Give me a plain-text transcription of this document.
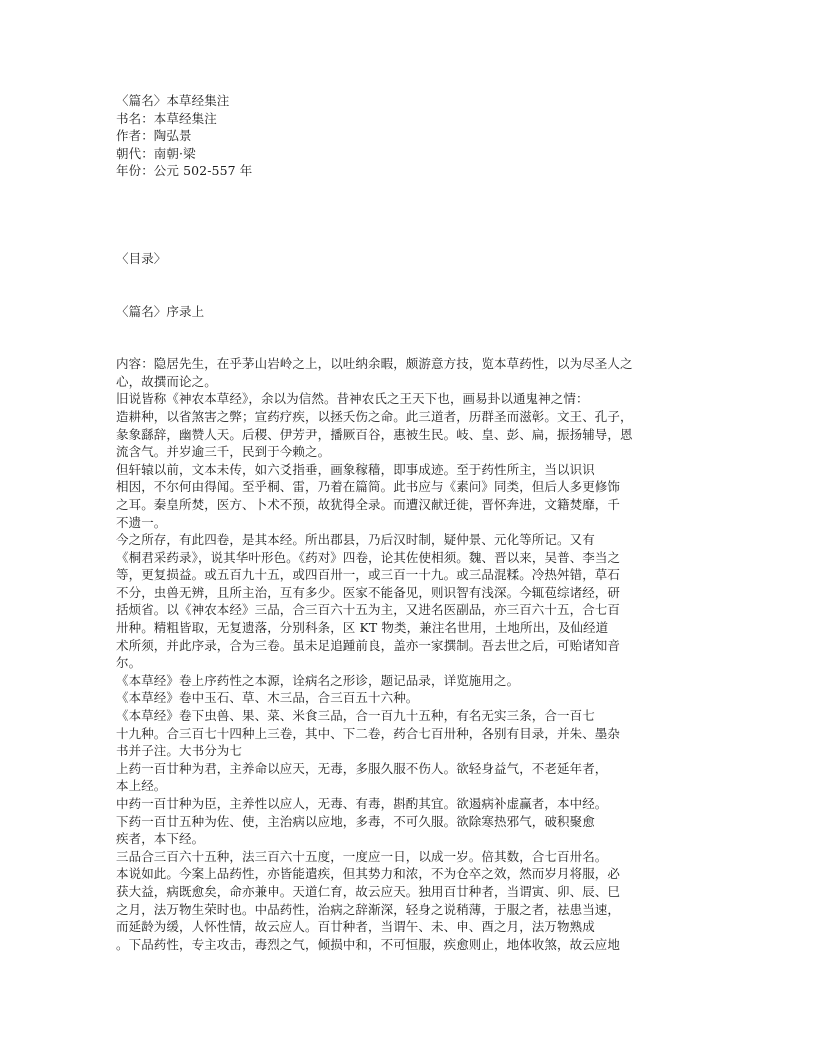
〈篇名〉本草经集注
书名：本草经集注
作者：陶弘景
朝代：南朝·梁
年份：公元 502-557 年
〈目录〉
〈篇名〉序录上
内容：隐居先生，在乎茅山岩岭之上，以吐纳余暇，颇游意方技，览本草药性，以为尽圣人之
心，故撰而论之。
旧说皆称《神农本草经》，余以为信然。昔神农氏之王天下也，画易卦以通鬼神之情：
造耕种，以省煞害之弊；宣药疗疾，以拯夭伤之命。此三道者，历群圣而滋彰。文王、孔子，
彖象繇辞，幽赞人天。后稷、伊芳尹，播厥百谷，惠被生民。岐、皇、彭、扁，振扬辅导，恩
流含气。并岁逾三千，民到于今赖之。
但轩辕以前，文本未传，如六爻指垂，画象稼穑，即事成迹。至于药性所主，当以识识
相因，不尔何由得闻。至乎桐、雷，乃着在篇简。此书应与《素问》同类，但后人多更修饰
之耳。秦皇所焚，医方、卜术不预，故犹得全录。而遭汉献迁徙，晋怀奔进，文籍焚靡，千
不遗一。
今之所存，有此四卷，是其本经。所出郡县，乃后汉时制，疑仲景、元化等所记。又有
《桐君采药录》，说其华叶形色。《药对》四卷，论其佐使相须。魏、晋以来，吴普、李当之
等，更复损益。或五百九十五，或四百卅一，或三百一十九。或三品混糅。冷热舛错，草石
不分，虫兽无辨，且所主治，互有多少。医家不能备见，则识智有浅深。今辄苞综诸经，研
括烦省。以《神农本经》三品，合三百六十五为主，又进名医副品，亦三百六十五，合七百
卅种。精粗皆取，无复遗落，分别科条，区 KT 物类，兼注名世用，土地所出，及仙经道
术所须，并此序录，合为三卷。虽未足追踵前良，盖亦一家撰制。吾去世之后，可贻诸知音
尔。
《本草经》卷上序药性之本源，诠病名之形诊，题记品录，详览施用之。
《本草经》卷中玉石、草、木三品，合三百五十六种。
《本草经》卷下虫兽、果、菜、米食三品，合一百九十五种，有名无实三条，合一百七
十九种。合三百七十四种上三卷，其中、下二卷，药合七百卅种，各别有目录，并朱、墨杂
书并子注。大书分为七
上药一百廿种为君，主养命以应天，无毒，多服久服不伤人。欲轻身益气，不老延年者，
本上经。
中药一百廿种为臣，主养性以应人，无毒、有毒，斟酌其宜。欲遏病补虚赢者，本中经。
下药一百廿五种为佐、使，主治病以应地，多毒，不可久服。欲除寒热邪气，破积聚愈
疾者，本下经。
三品合三百六十五种，法三百六十五度，一度应一日，以成一岁。倍其数，合七百卅名。
本说如此。今案上品药性，亦皆能遣疾，但其势力和浓，不为仓卒之效，然而岁月将服，必
获大益，病既愈矣，命亦兼申。天道仁育，故云应天。独用百廿种者，当谓寅、卯、辰、巳
之月，法万物生荣时也。中品药性，治病之辞渐深，轻身之说稍薄，于服之者，祛患当速，
而延龄为缓，人怀性情，故云应人。百廿种者，当谓午、未、申、酉之月，法万物熟成
。下品药性，专主攻击，毒烈之气，倾损中和，不可恒服，疾愈则止，地体收煞，故云应地
